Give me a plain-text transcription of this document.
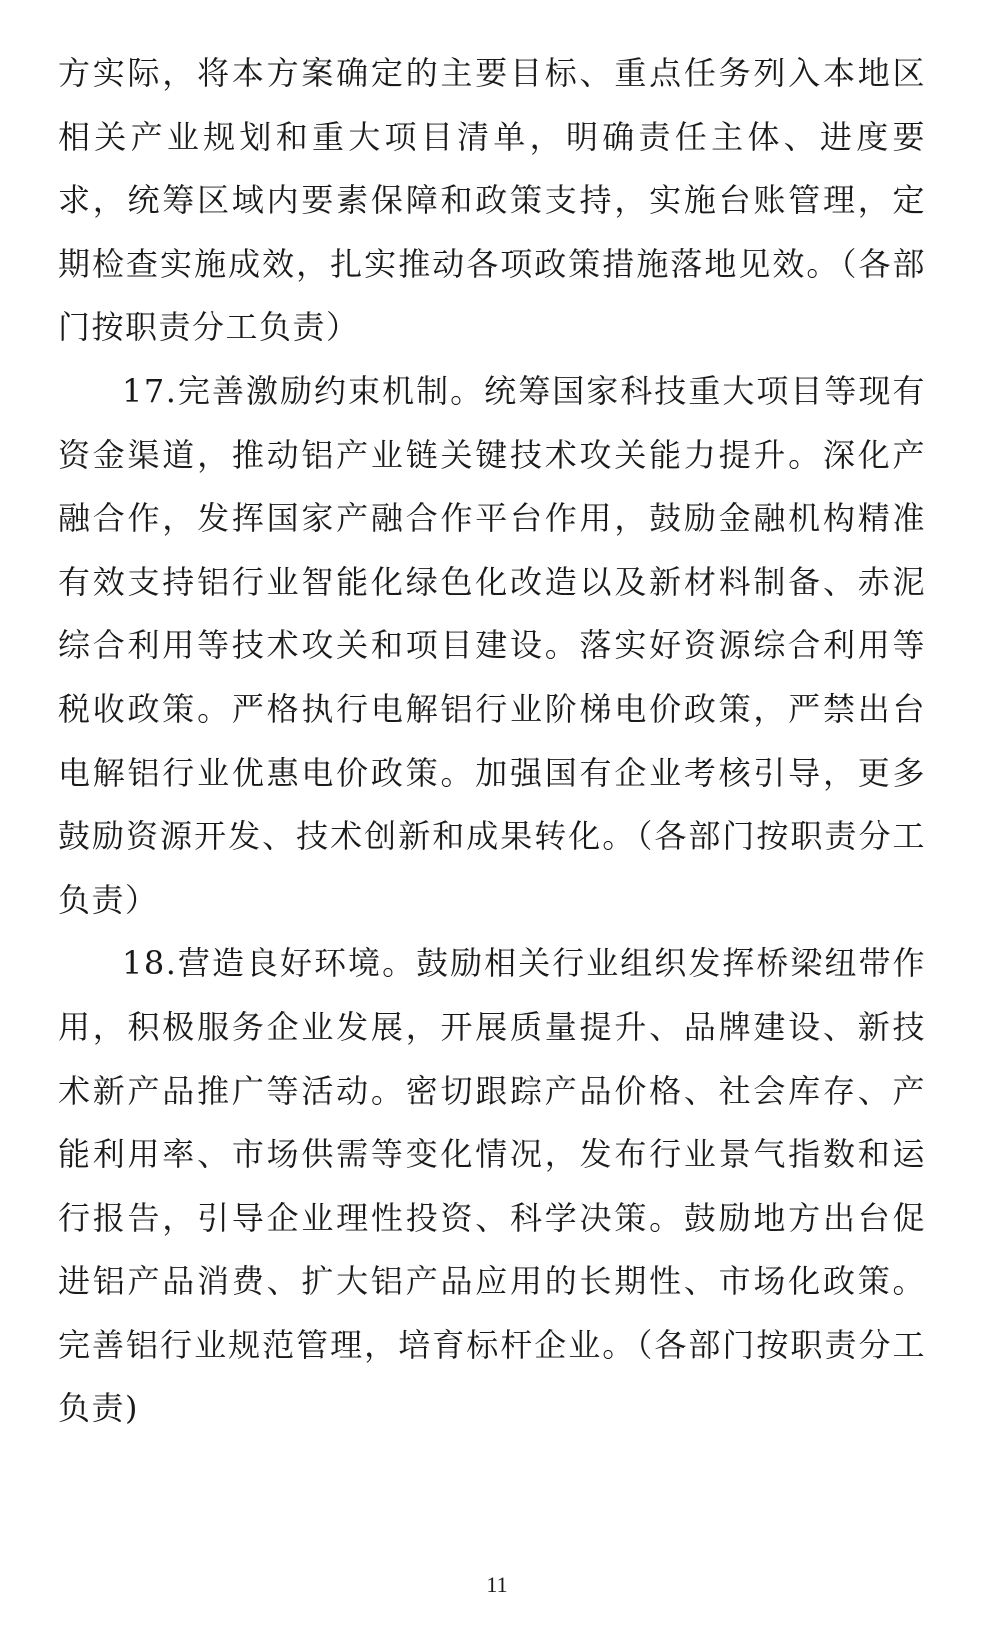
方实际，将本方案确定的主要目标、重点任务列入本地区相关产业规划和重大项目清单，明确责任主体、进度要求，统筹区域内要素保障和政策支持，实施台账管理，定期检查实施成效，扎实推动各项政策措施落地见效。（各部门按职责分工负责）

17.完善激励约束机制。统筹国家科技重大项目等现有资金渠道，推动铝产业链关键技术攻关能力提升。深化产融合作，发挥国家产融合作平台作用，鼓励金融机构精准有效支持铝行业智能化绿色化改造以及新材料制备、赤泥综合利用等技术攻关和项目建设。落实好资源综合利用等税收政策。严格执行电解铝行业阶梯电价政策，严禁出台电解铝行业优惠电价政策。加强国有企业考核引导，更多鼓励资源开发、技术创新和成果转化。（各部门按职责分工负责）

18.营造良好环境。鼓励相关行业组织发挥桥梁纽带作用，积极服务企业发展，开展质量提升、品牌建设、新技术新产品推广等活动。密切跟踪产品价格、社会库存、产能利用率、市场供需等变化情况，发布行业景气指数和运行报告，引导企业理性投资、科学决策。鼓励地方出台促进铝产品消费、扩大铝产品应用的长期性、市场化政策。完善铝行业规范管理，培育标杆企业。（各部门按职责分工负责)

11
